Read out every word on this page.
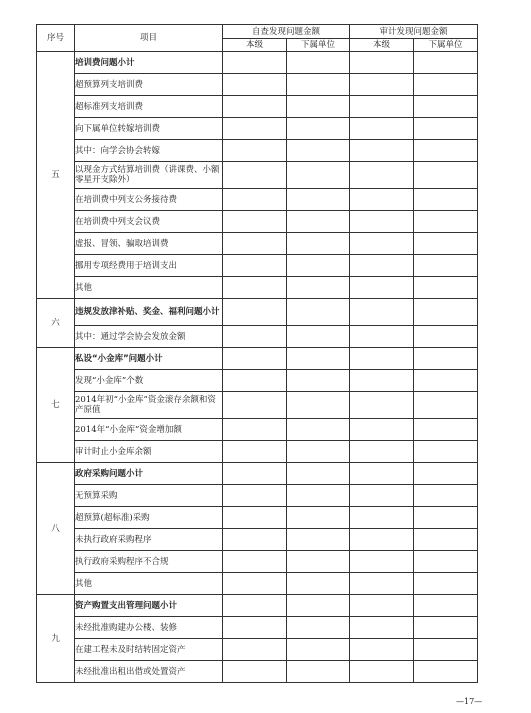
序号	项目	自查发现问题金额		审计发现问题金额	
		本级	下属单位	本级	下属单位
五	培训费问题小计				
	超预算列支培训费				
	超标准列支培训费				
	向下属单位转嫁培训费				
	其中：向学会协会转嫁				
	以现金方式结算培训费（讲课费、小额零星开支除外）				
	在培训费中列支公务接待费				
	在培训费中列支会议费				
	虚报、冒领、骗取培训费				
	挪用专项经费用于培训支出				
	其他				
六	违规发放津补贴、奖金、福利问题小计				
	其中：通过学会协会发放金额				
七	私设“小金库”问题小计				
	发现“小金库”个数				
	2014年初“小金库”资金滚存余额和资产原值				
	2014年“小金库”资金增加额				
	审计时止小金库余额				
八	政府采购问题小计				
	无预算采购				
	超预算(超标准)采购				
	未执行政府采购程序				
	执行政府采购程序不合规				
	其他				
九	资产购置支出管理问题小计				
	未经批准购建办公楼、装修				
	在建工程未及时结转固定资产				
	未经批准出租出借或处置资产				
—17—
